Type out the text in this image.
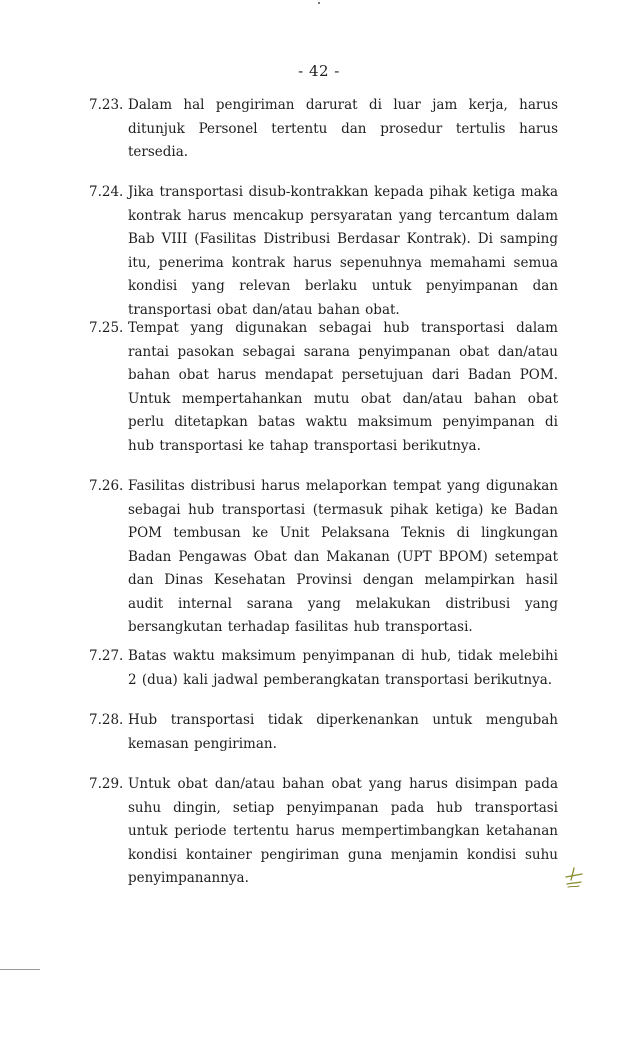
- 42 -
7.23. Dalam hal pengiriman darurat di luar jam kerja, harus ditunjuk Personel tertentu dan prosedur tertulis harus tersedia.
7.24. Jika transportasi disub-kontrakkan kepada pihak ketiga maka kontrak harus mencakup persyaratan yang tercantum dalam Bab VIII (Fasilitas Distribusi Berdasar Kontrak). Di samping itu, penerima kontrak harus sepenuhnya memahami semua kondisi yang relevan berlaku untuk penyimpanan dan transportasi obat dan/atau bahan obat.
7.25. Tempat yang digunakan sebagai hub transportasi dalam rantai pasokan sebagai sarana penyimpanan obat dan/atau bahan obat harus mendapat persetujuan dari Badan POM. Untuk mempertahankan mutu obat dan/atau bahan obat perlu ditetapkan batas waktu maksimum penyimpanan di hub transportasi ke tahap transportasi berikutnya.
7.26. Fasilitas distribusi harus melaporkan tempat yang digunakan sebagai hub transportasi (termasuk pihak ketiga) ke Badan POM tembusan ke Unit Pelaksana Teknis di lingkungan Badan Pengawas Obat dan Makanan (UPT BPOM) setempat dan Dinas Kesehatan Provinsi dengan melampirkan hasil audit internal sarana yang melakukan distribusi yang bersangkutan terhadap fasilitas hub transportasi.
7.27. Batas waktu maksimum penyimpanan di hub, tidak melebihi 2 (dua) kali jadwal pemberangkatan transportasi berikutnya.
7.28. Hub transportasi tidak diperkenankan untuk mengubah kemasan pengiriman.
7.29. Untuk obat dan/atau bahan obat yang harus disimpan pada suhu dingin, setiap penyimpanan pada hub transportasi untuk periode tertentu harus mempertimbangkan ketahanan kondisi kontainer pengiriman guna menjamin kondisi suhu penyimpanannya.
